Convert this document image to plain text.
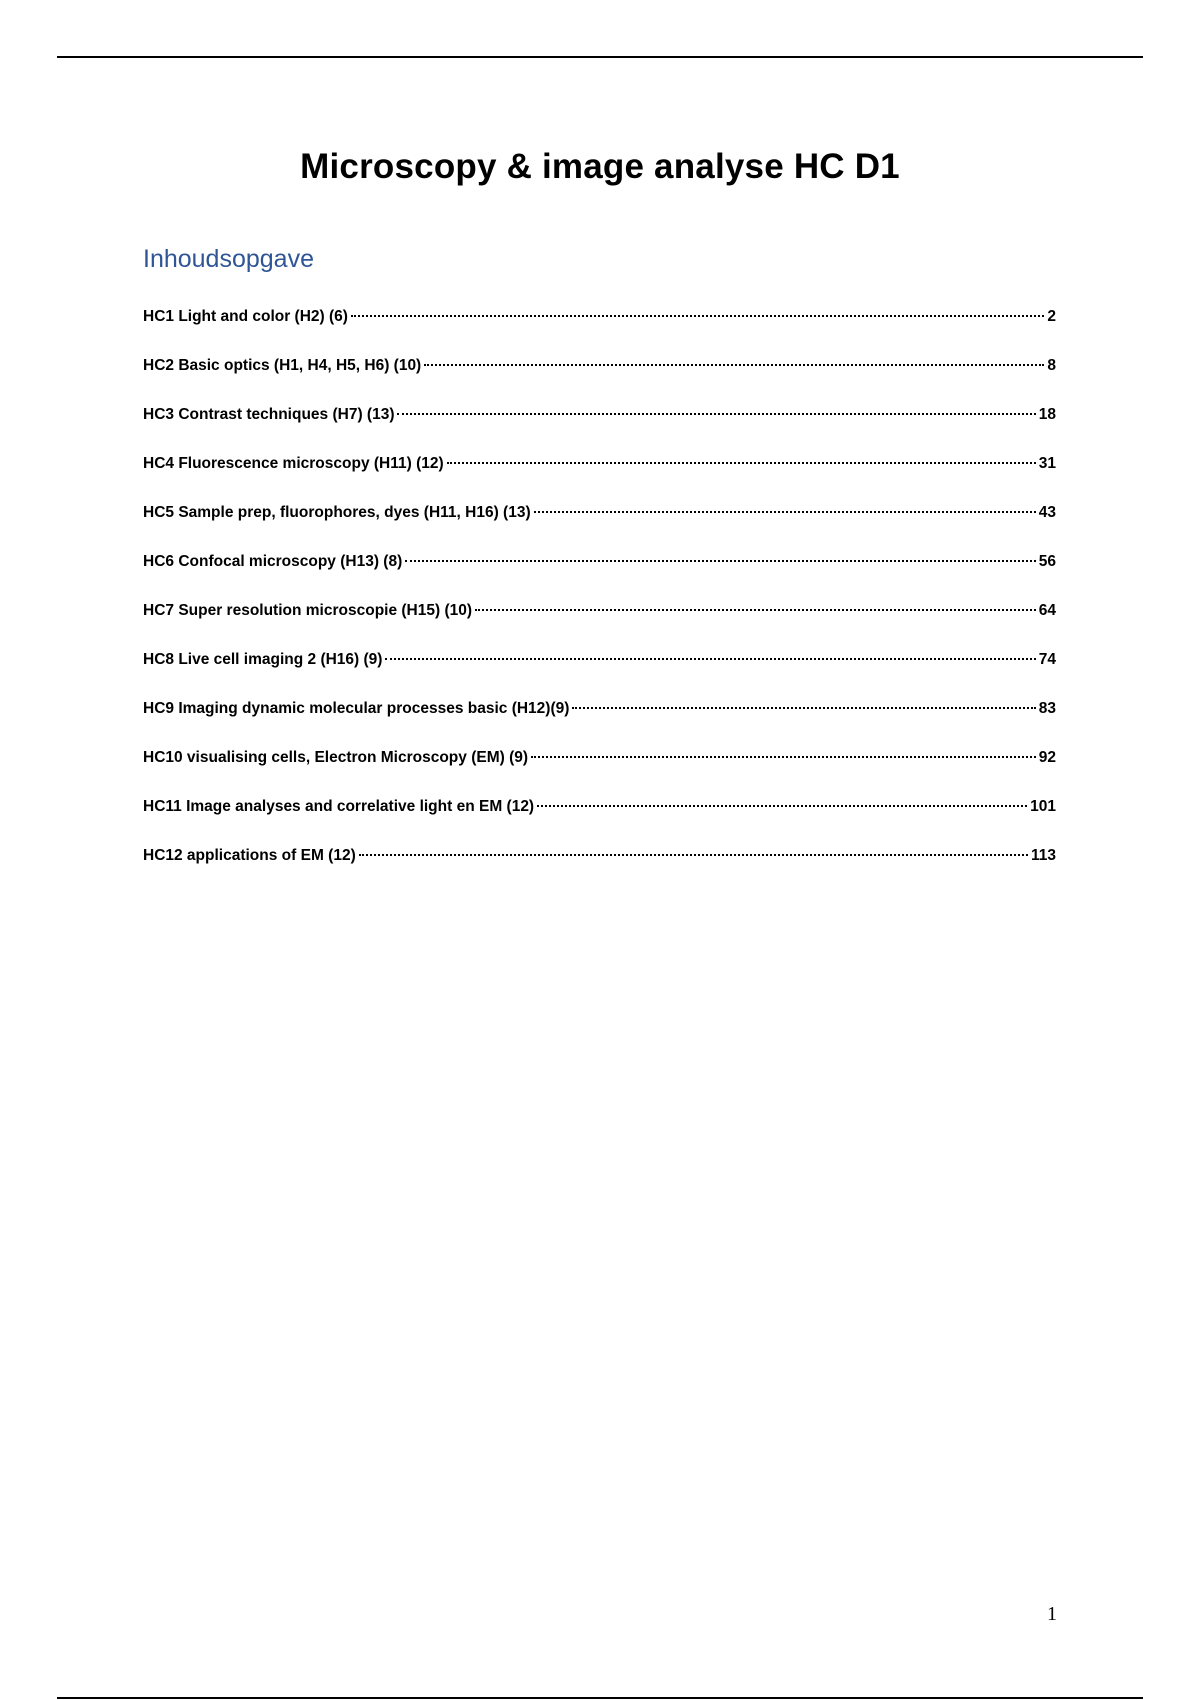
Microscopy & image analyse HC D1
Inhoudsopgave
HC1 Light and color (H2) (6)	2
HC2 Basic optics (H1, H4, H5, H6) (10)	8
HC3 Contrast techniques (H7) (13)	18
HC4 Fluorescence microscopy (H11) (12)	31
HC5 Sample prep, fluorophores, dyes (H11, H16) (13)	43
HC6 Confocal microscopy (H13) (8)	56
HC7 Super resolution microscopie (H15) (10)	64
HC8 Live cell imaging 2 (H16) (9)	74
HC9 Imaging dynamic molecular processes basic (H12)(9)	83
HC10 visualising cells, Electron Microscopy (EM) (9)	92
HC11 Image analyses and correlative light en EM (12)	101
HC12 applications of EM (12)	113
1
